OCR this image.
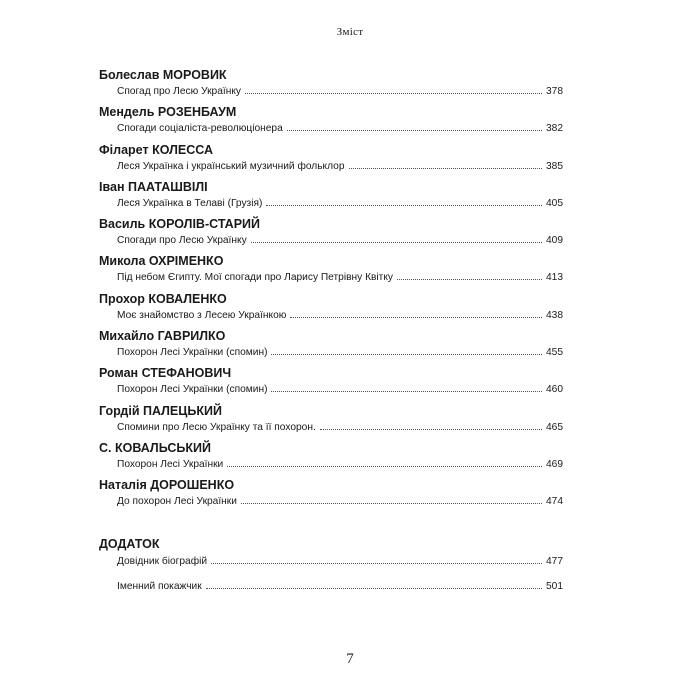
Зміст
Болеслав МОРОВИК
Спогад про Лесю Українку	378
Мендель РОЗЕНБАУМ
Спогади соціаліста-революціонера	382
Філарет КОЛЕССА
Леся Українка і український музичний фольклор	385
Іван ПААТАШВІЛІ
Леся Українка в Телаві (Грузія)	405
Василь КОРОЛІВ-СТАРИЙ
Спогади про Лесю Українку	409
Микола ОХРІМЕНКО
Під небом Єгипту. Мої спогади про Ларису Петрівну Квітку	413
Прохор КОВАЛЕНКО
Моє знайомство з Лесею Українкою	438
Михайло ГАВРИЛКО
Похорон Лесі Українки (спомин)	455
Роман СТЕФАНОВИЧ
Похорон Лесі Українки (спомин)	460
Гордій ПАЛЕЦЬКИЙ
Спомини про Лесю Українку та її похорон.	465
С. КОВАЛЬСЬКИЙ
Похорон Лесі Українки	469
Наталія ДОРОШЕНКО
До похорон Лесі Українки	474
ДОДАТОК
Довідник біографій	477
Іменний покажчик	501
7
